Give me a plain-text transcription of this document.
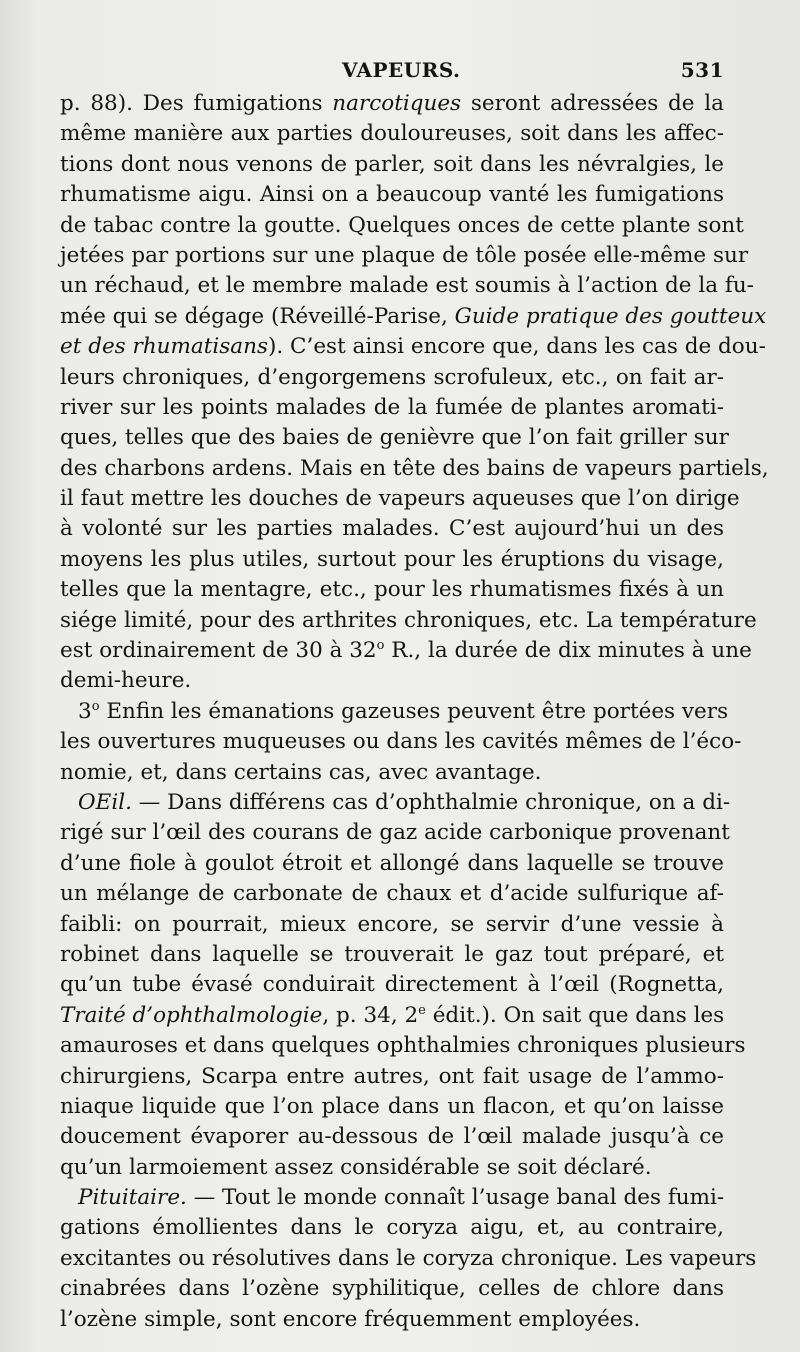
VAPEURS.	531
p. 88). Des fumigations narcotiques seront adressées de la
même manière aux parties douloureuses, soit dans les affec-
tions dont nous venons de parler, soit dans les névralgies, le
rhumatisme aigu. Ainsi on a beaucoup vanté les fumigations
de tabac contre la goutte. Quelques onces de cette plante sont
jetées par portions sur une plaque de tôle posée elle-même sur
un réchaud, et le membre malade est soumis à l’action de la fu-
mée qui se dégage (Réveillé-Parise, Guide pratique des goutteux
et des rhumatisans). C’est ainsi encore que, dans les cas de dou-
leurs chroniques, d’engorgemens scrofuleux, etc., on fait ar-
river sur les points malades de la fumée de plantes aromati-
ques, telles que des baies de genièvre que l’on fait griller sur
des charbons ardens. Mais en tête des bains de vapeurs partiels,
il faut mettre les douches de vapeurs aqueuses que l’on dirige
à volonté sur les parties malades. C’est aujourd’hui un des
moyens les plus utiles, surtout pour les éruptions du visage,
telles que la mentagre, etc., pour les rhumatismes fixés à un
siége limité, pour des arthrites chroniques, etc. La température
est ordinairement de 30 à 32$^o$ R., la durée de dix minutes à une
demi-heure.
3$^o$ Enfin les émanations gazeuses peuvent être portées vers
les ouvertures muqueuses ou dans les cavités mêmes de l’éco-
nomie, et, dans certains cas, avec avantage.
OEil. — Dans différens cas d’ophthalmie chronique, on a di-
rigé sur l’œil des courans de gaz acide carbonique provenant
d’une fiole à goulot étroit et allongé dans laquelle se trouve
un mélange de carbonate de chaux et d’acide sulfurique af-
faibli: on pourrait, mieux encore, se servir d’une vessie à
robinet dans laquelle se trouverait le gaz tout préparé, et
qu’un tube évasé conduirait directement à l’œil (Rognetta,
Traité d’ophthalmologie, p. 34, 2e édit.). On sait que dans les
amauroses et dans quelques ophthalmies chroniques plusieurs
chirurgiens, Scarpa entre autres, ont fait usage de l’ammo-
niaque liquide que l’on place dans un flacon, et qu’on laisse
doucement évaporer au-dessous de l’œil malade jusqu’à ce
qu’un larmoiement assez considérable se soit déclaré.
Pituitaire. — Tout le monde connaît l’usage banal des fumi-
gations émollientes dans le coryza aigu, et, au contraire,
excitantes ou résolutives dans le coryza chronique. Les vapeurs
cinabrées dans l’ozène syphilitique, celles de chlore dans
l’ozène simple, sont encore fréquemment employées.
